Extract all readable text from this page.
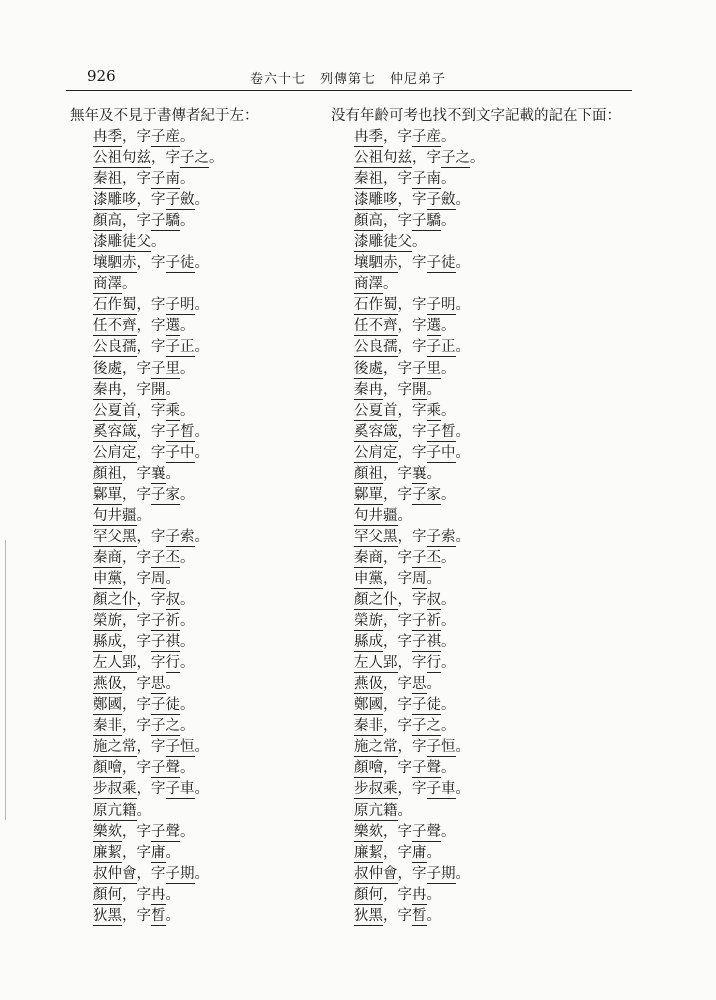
926	卷六十七　列傳第七　仲尼弟子
無年及不見于書傳者紀于左：
冉季，字子産。
公祖句兹，字子之。
秦祖，字子南。
漆雕哆，字子斂。
顏高，字子驕。
漆雕徒父。
壤駟赤，字子徒。
商澤。
石作蜀，字子明。
任不齊，字選。
公良孺，字子正。
後處，字子里。
秦冉，字開。
公夏首，字乘。
奚容箴，字子晳。
公肩定，字子中。
顏祖，字襄。
鄡單，字子家。
句井疆。
罕父黑，字子索。
秦商，字子丕。
申黨，字周。
顏之仆，字叔。
榮旂，字子祈。
縣成，字子祺。
左人郢，字行。
燕伋，字思。
鄭國，字子徒。
秦非，字子之。
施之常，字子恒。
顏噲，字子聲。
步叔乘，字子車。
原亢籍。
樂欬，字子聲。
廉絜，字庸。
叔仲會，字子期。
顏何，字冉。
狄黑，字晳。
没有年齡可考也找不到文字記載的記在下面：
冉季，字子産。
公祖句兹，字子之。
秦祖，字子南。
漆雕哆，字子斂。
顏高，字子驕。
漆雕徒父。
壤駟赤，字子徒。
商澤。
石作蜀，字子明。
任不齊，字選。
公良孺，字子正。
後處，字子里。
秦冉，字開。
公夏首，字乘。
奚容箴，字子晳。
公肩定，字子中。
顏祖，字襄。
鄡單，字子家。
句井疆。
罕父黑，字子索。
秦商，字子丕。
申黨，字周。
顏之仆，字叔。
榮旂，字子祈。
縣成，字子祺。
左人郢，字行。
燕伋，字思。
鄭國，字子徒。
秦非，字子之。
施之常，字子恒。
顏噲，字子聲。
步叔乘，字子車。
原亢籍。
樂欬，字子聲。
廉絜，字庸。
叔仲會，字子期。
顏何，字冉。
狄黑，字晳。
